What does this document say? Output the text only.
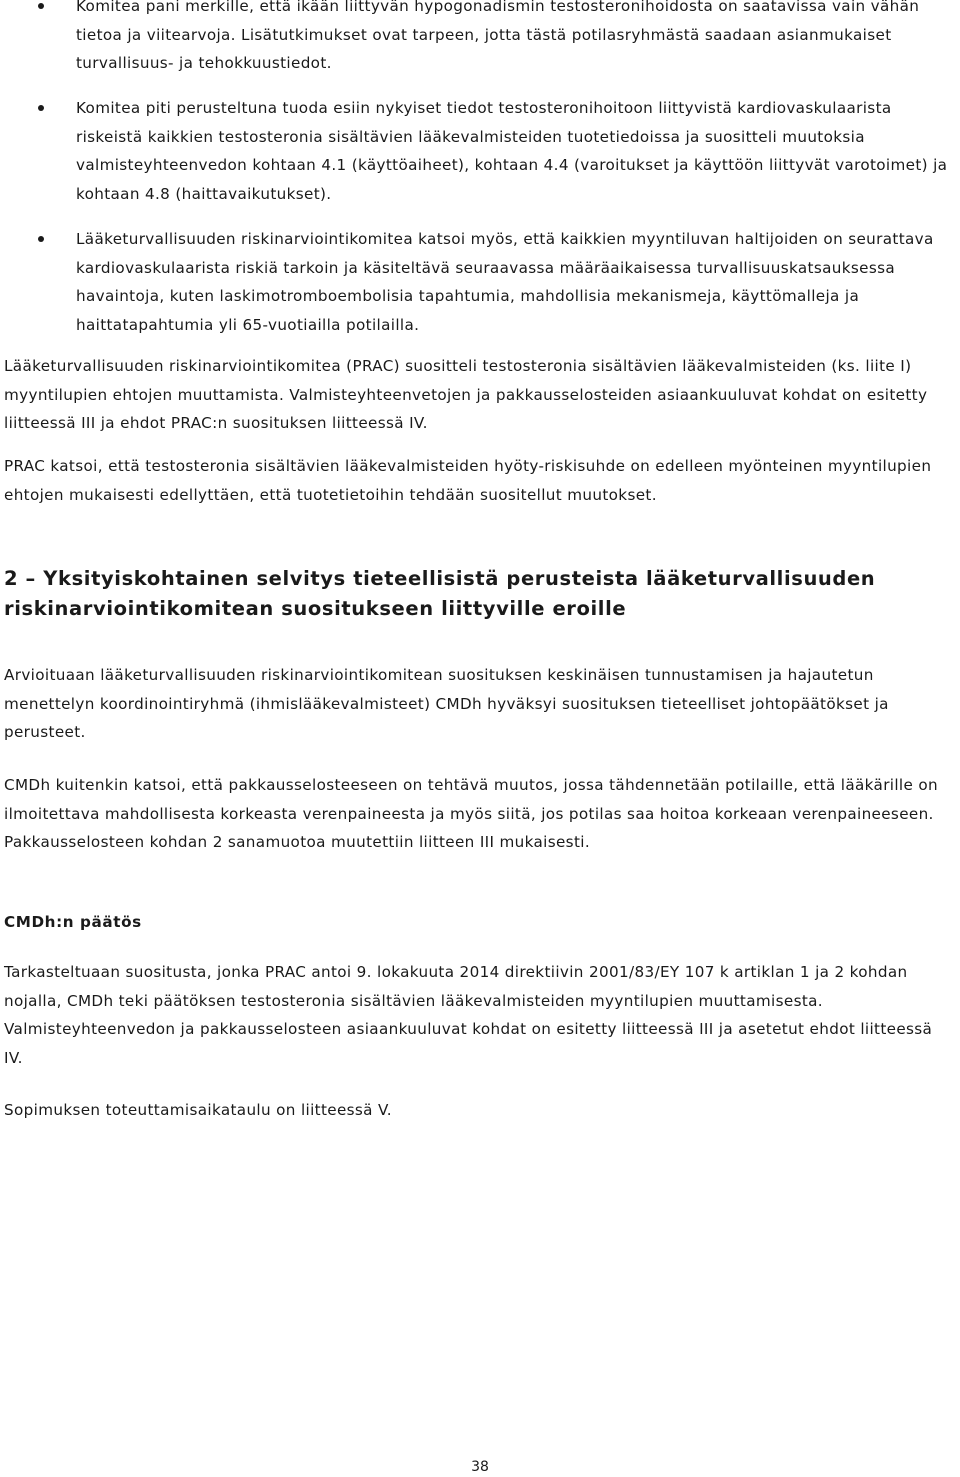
Komitea pani merkille, että ikään liittyvän hypogonadismin testosteronihoidosta on saatavissa vain vähän tietoa ja viitearvoja. Lisätutkimukset ovat tarpeen, jotta tästä potilasryhmästä saadaan asianmukaiset turvallisuus- ja tehokkuustiedot.
Komitea piti perusteltuna tuoda esiin nykyiset tiedot testosteronihoitoon liittyvistä kardiovaskulaarista riskeistä kaikkien testosteronia sisältävien lääkevalmisteiden tuotetiedoissa ja suositteli muutoksia valmisteyhteenvedon kohtaan 4.1 (käyttöaiheet), kohtaan 4.4 (varoitukset ja käyttöön liittyvät varotoimet) ja kohtaan 4.8 (haittavaikutukset).
Lääketurvallisuuden riskinarviointikomitea katsoi myös, että kaikkien myyntiluvan haltijoiden on seurattava kardiovaskulaarista riskiä tarkoin ja käsiteltävä seuraavassa määräaikaisessa turvallisuuskatsauksessa havaintoja, kuten laskimotromboembolisia tapahtumia, mahdollisia mekanismeja, käyttömalleja ja haittatapahtumia yli 65-vuotiailla potilailla.

Lääketurvallisuuden riskinarviointikomitea (PRAC) suositteli testosteronia sisältävien lääkevalmisteiden (ks. liite I) myyntilupien ehtojen muuttamista. Valmisteyhteenvetojen ja pakkausselosteiden asiaankuuluvat kohdat on esitetty liitteessä III ja ehdot PRAC:n suosituksen liitteessä IV.

PRAC katsoi, että testosteronia sisältävien lääkevalmisteiden hyöty-riskisuhde on edelleen myönteinen myyntilupien ehtojen mukaisesti edellyttäen, että tuotetietoihin tehdään suositellut muutokset.

2 – Yksityiskohtainen selvitys tieteellisistä perusteista lääketurvallisuuden riskinarviointikomitean suositukseen liittyville eroille

Arvioituaan lääketurvallisuuden riskinarviointikomitean suosituksen keskinäisen tunnustamisen ja hajautetun menettelyn koordinointiryhmä (ihmislääkevalmisteet) CMDh hyväksyi suosituksen tieteelliset johtopäätökset ja perusteet.

CMDh kuitenkin katsoi, että pakkausselosteeseen on tehtävä muutos, jossa tähdennetään potilaille, että lääkärille on ilmoitettava mahdollisesta korkeasta verenpaineesta ja myös siitä, jos potilas saa hoitoa korkeaan verenpaineeseen. Pakkausselosteen kohdan 2 sanamuotoa muutettiin liitteen III mukaisesti.

CMDh:n päätös

Tarkasteltuaan suositusta, jonka PRAC antoi 9. lokakuuta 2014 direktiivin 2001/83/EY 107 k artiklan 1 ja 2 kohdan nojalla, CMDh teki päätöksen testosteronia sisältävien lääkevalmisteiden myyntilupien muuttamisesta. Valmisteyhteenvedon ja pakkausselosteen asiaankuuluvat kohdat on esitetty liitteessä III ja asetetut ehdot liitteessä IV.

Sopimuksen toteuttamisaikataulu on liitteessä V.

38
